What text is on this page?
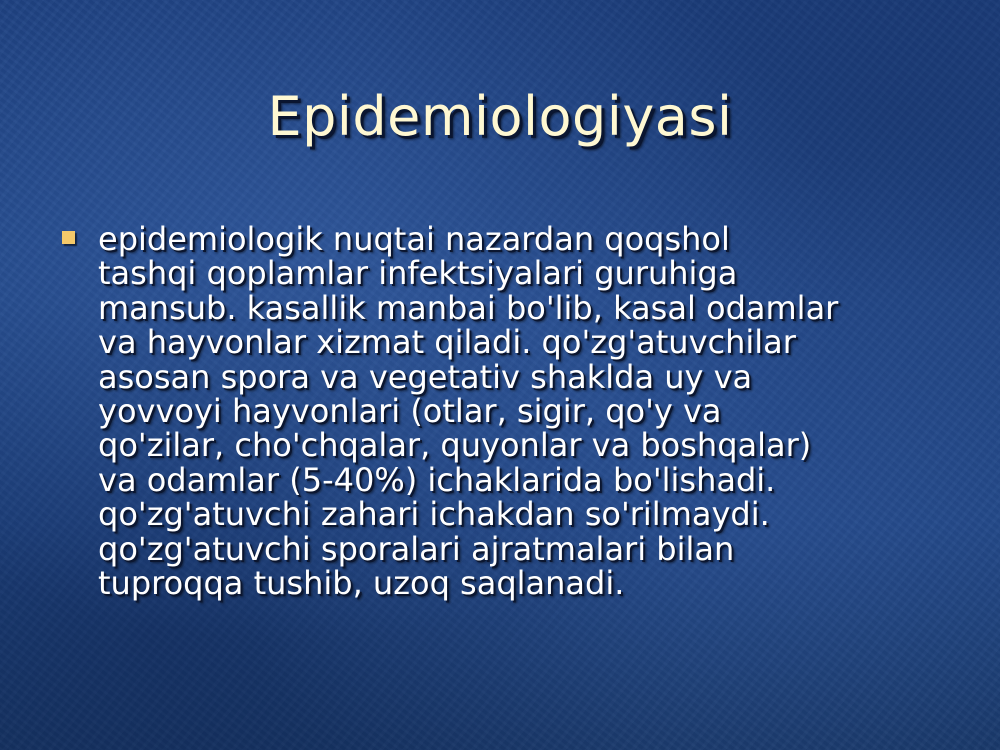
Epidemiologiyasi
epidemiologik nuqtai nazardan qoqshol
tashqi qoplamlar infektsiyalari guruhiga
mansub. kasallik manbai bo'lib, kasal odamlar
va hayvonlar xizmat qiladi. qo'zg'atuvchilar
asosan spora va vegetativ shaklda uy va
yovvoyi hayvonlari (otlar, sigir, qo'y va
qo'zilar, cho'chqalar, quyonlar va boshqalar)
va odamlar (5-40%) ichaklarida bo'lishadi.
qo'zg'atuvchi zahari ichakdan so'rilmaydi.
qo'zg'atuvchi sporalari ajratmalari bilan
tuproqqa tushib, uzoq saqlanadi.
